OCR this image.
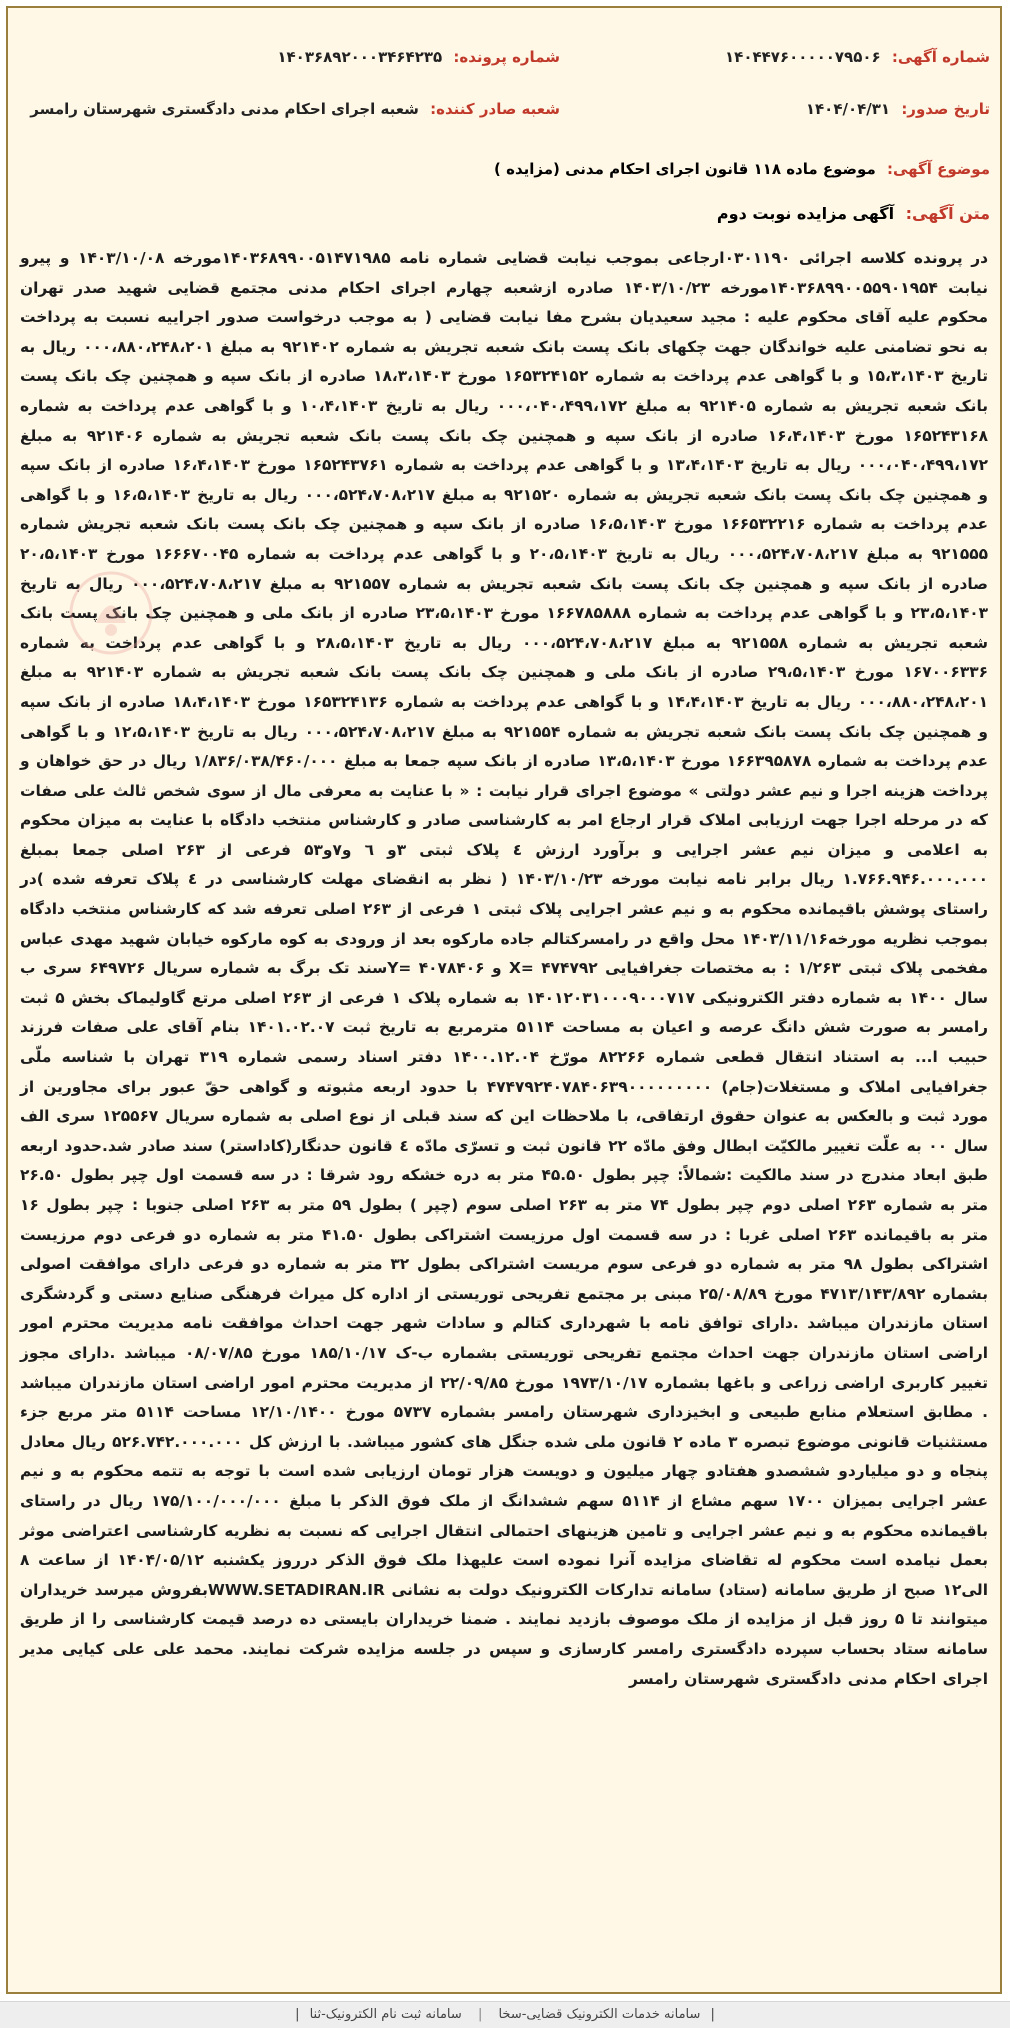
شماره آگهی: ۱۴۰۴۴۷۶۰۰۰۰۰۷۹۵۰۶
شماره پرونده: ۱۴۰۳۶۸۹۲۰۰۰۳۴۶۴۲۳۵
تاریخ صدور: ۱۴۰۴/۰۴/۳۱
شعبه صادر کننده: شعبه اجرای احکام مدنی دادگستری شهرستان رامسر
موضوع آگهی: موضوع ماده ۱۱۸ قانون اجرای احکام مدنی (مزایده )
متن آگهی: آگهی مزایده نوبت دوم
در پرونده کلاسه اجرائی ۰۳۰۱۱۹۰ارجاعی بموجب نیابت قضایی شماره نامه ۱۴۰۳۶۸۹۹۰۰۵۱۴۷۱۹۸۵مورخه ۱۴۰۳/۱۰/۰۸ و پیرو نیابت ۱۴۰۳۶۸۹۹۰۰۵۵۹۰۱۹۵۴مورخه ۱۴۰۳/۱۰/۲۳ صادره ازشعبه چهارم اجرای احکام مدنی مجتمع قضایی شهید صدر تهران محکوم علیه آقای محکوم علیه : مجید سعیدیان بشرح مفا نیابت قضایی ( به موجب درخواست صدور اجراییه نسبت به پرداخت به نحو تضامنی علیه خواندگان جهت چکهای بانک پست بانک شعبه تجریش به شماره ۹۲۱۴۰۲ به مبلغ ۰۰۰،۸۸۰،۲۴۸،۲۰۱ ریال به تاریخ ۱۵،۳،۱۴۰۳ و با گواهی عدم پرداخت به شماره ۱۶۵۳۲۴۱۵۲ مورخ ۱۸،۳،۱۴۰۳ صادره از بانک سپه و همچنین چک بانک پست بانک شعبه تجریش به شماره ۹۲۱۴۰۵ به مبلغ ۰۰۰،۰۴۰،۴۹۹،۱۷۲ ریال به تاریخ ۱۰،۴،۱۴۰۳ و با گواهی عدم پرداخت به شماره ۱۶۵۲۴۳۱۶۸ مورخ ۱۶،۴،۱۴۰۳ صادره از بانک سپه و همچنین چک بانک پست بانک شعبه تجریش به شماره ۹۲۱۴۰۶ به مبلغ ۰۰۰،۰۴۰،۴۹۹،۱۷۲ ریال به تاریخ ۱۳،۴،۱۴۰۳ و با گواهی عدم پرداخت به شماره ۱۶۵۲۴۳۷۶۱ مورخ ۱۶،۴،۱۴۰۳ صادره از بانک سپه و همچنین چک بانک پست بانک شعبه تجریش به شماره ۹۲۱۵۲۰ به مبلغ ۰۰۰،۵۲۴،۷۰۸،۲۱۷ ریال به تاریخ ۱۶،۵،۱۴۰۳ و با گواهی عدم پرداخت به شماره ۱۶۶۵۳۲۲۱۶ مورخ ۱۶،۵،۱۴۰۳ صادره از بانک سپه و همچنین چک بانک پست بانک شعبه تجریش شماره ۹۲۱۵۵۵ به مبلغ ۰۰۰،۵۲۴،۷۰۸،۲۱۷ ریال به تاریخ ۲۰،۵،۱۴۰۳ و با گواهی عدم پرداخت به شماره ۱۶۶۶۷۰۰۴۵ مورخ ۲۰،۵،۱۴۰۳ صادره از بانک سپه و همچنین چک بانک پست بانک شعبه تجریش به شماره ۹۲۱۵۵۷ به مبلغ ۰۰۰،۵۲۴،۷۰۸،۲۱۷ ریال به تاریخ ۲۳،۵،۱۴۰۳ و با گواهی عدم پرداخت به شماره ۱۶۶۷۸۵۸۸۸ مورخ ۲۳،۵،۱۴۰۳ صادره از بانک ملی و همچنین چک بانک پست بانک شعبه تجریش به شماره ۹۲۱۵۵۸ به مبلغ ۰۰۰،۵۲۴،۷۰۸،۲۱۷ ریال به تاریخ ۲۸،۵،۱۴۰۳ و با گواهی عدم پرداخت به شماره ۱۶۷۰۰۶۳۳۶ مورخ ۲۹،۵،۱۴۰۳ صادره از بانک ملی و همچنین چک بانک پست بانک شعبه تجریش به شماره ۹۲۱۴۰۳ به مبلغ ۰۰۰،۸۸۰،۲۴۸،۲۰۱ ریال به تاریخ ۱۴،۴،۱۴۰۳ و با گواهی عدم پرداخت به شماره ۱۶۵۳۲۴۱۳۶ مورخ ۱۸،۴،۱۴۰۳ صادره از بانک سپه و همچنین چک بانک پست بانک شعبه تجریش به شماره ۹۲۱۵۵۴ به مبلغ ۰۰۰،۵۲۴،۷۰۸،۲۱۷ ریال به تاریخ ۱۲،۵،۱۴۰۳ و با گواهی عدم پرداخت به شماره ۱۶۶۳۹۵۸۷۸ مورخ ۱۳،۵،۱۴۰۳ صادره از بانک سپه جمعا به مبلغ ۱/۸۳۶/۰۳۸/۴۶۰/۰۰۰ ریال در حق خواهان و پرداخت هزینه اجرا و نیم عشر دولتی » موضوع اجرای قرار نیابت : « با عنایت به معرفی مال از سوی شخص ثالث علی صفات که در مرحله اجرا جهت ارزیابی املاک قرار ارجاع امر به کارشناسی صادر و کارشناس منتخب دادگاه با عنایت به میزان محکوم به اعلامی و میزان نیم عشر اجرایی و برآورد ارزش ٤ پلاک ثبتی ۳و ٦ و۷و۵۳ فرعی از ۲۶۳ اصلی جمعا بمبلغ ۱.۷۶۶.۹۴۶.۰۰۰.۰۰۰ ریال برابر نامه نیابت مورخه ۱۴۰۳/۱۰/۲۳ ( نظر به انقضای مهلت کارشناسی در ٤ پلاک تعرفه شده )در راستای پوشش باقیمانده محکوم به و نیم عشر اجرایی پلاک ثبتی ۱ فرعی از ۲۶۳ اصلی تعرفه شد که کارشناس منتخب دادگاه بموجب نظریه مورخه۱۴۰۳/۱۱/۱۶ محل واقع در رامسرکتالم جاده مارکوه بعد از ورودی به کوه مارکوه خیابان شهید مهدی عباس مفخمی پلاک ثبتی ۱/۲۶۳ : به مختصات جغرافیایی X= ۴۷۴۷۹۲ و Y= ۴۰۷۸۴۰۶سند تک برگ به شماره سریال ۶۴۹۷۲۶ سری ب سال ۱۴۰۰ به شماره دفتر الکترونیکی ۱۴۰۱۲۰۳۱۰۰۰۹۰۰۰۷۱۷ به شماره پلاک ۱ فرعی از ۲۶۳ اصلی مرتع گاولیماک بخش ۵ ثبت رامسر به صورت شش دانگ عرصه و اعیان به مساحت ۵۱۱۴ مترمربع به تاریخ ثبت ۱۴۰۱.۰۲.۰۷ بنام آقای علی صفات فرزند حبیب ا... به استناد انتقال قطعی شماره ۸۲۲۶۶ مورّخ ۱۴۰۰.۱۲.۰۴ دفتر اسناد رسمی شماره ۳۱۹ تهران با شناسه ملّی جغرافیایی املاک و مستغلات(جام) ۴۷۴۷۹۲۴۰۷۸۴۰۶۳۹۰۰۰۰۰۰۰۰۰ با حدود اربعه مثبوته و گواهی حقّ عبور برای مجاورین از مورد ثبت و بالعکس به عنوان حقوق ارتفاقی، با ملاحظات این که سند قبلی از نوع اصلی به شماره سریال ۱۲۵۵۶۷ سری الف سال ۰۰ به علّت تغییر مالکیّت ابطال وفق مادّه ۲۲ قانون ثبت و تسرّی مادّه ٤ قانون حدنگار(کاداستر) سند صادر شد.حدود اربعه طبق ابعاد مندرج در سند مالکیت :شمالاً: چپر بطول ۴۵.۵۰ متر به دره خشکه رود شرقا : در سه قسمت اول چپر بطول ۲۶.۵۰ متر به شماره ۲۶۳ اصلی دوم چپر بطول ۷۴ متر به ۲۶۳ اصلی سوم (چپر ) بطول ۵۹ متر به ۲۶۳ اصلی جنوبا : چپر بطول ۱۶ متر به باقیمانده ۲۶۳ اصلی غربا : در سه قسمت اول مرزیست اشتراکی بطول ۴۱.۵۰ متر به شماره دو فرعی دوم مرزیست اشتراکی بطول ۹۸ متر به شماره دو فرعی سوم مریست اشتراکی بطول ۳۲ متر به شماره دو فرعی دارای موافقت اصولی بشماره ۴۷۱۳/۱۴۳/۸۹۲ مورخ ۲۵/۰۸/۸۹ مبنی بر مجتمع تفریحی توریستی از اداره کل میراث فرهنگی صنایع دستی و گردشگری استان مازندران میباشد .دارای توافق نامه با شهرداری کتالم و سادات شهر جهت احداث موافقت نامه مدیریت محترم امور اراضی استان مازندران جهت احداث مجتمع تفریحی توریستی بشماره ب-ک ۱۸۵/۱۰/۱۷ مورخ ۰۸/۰۷/۸۵ میباشد .دارای مجوز تغییر کاربری اراضی زراعی و باغها بشماره ۱۹۷۳/۱۰/۱۷ مورخ ۲۲/۰۹/۸۵ از مدیریت محترم امور اراضی استان مازندران میباشد . مطابق استعلام منابع طبیعی و ابخیزداری شهرستان رامسر بشماره ۵۷۳۷ مورخ ۱۲/۱۰/۱۴۰۰ مساحت ۵۱۱۴ متر مربع جزء مستثنیات قانونی موضوع تبصره ۳ ماده ۲ قانون ملی شده جنگل های کشور میباشد. با ارزش کل ۵۲۶.۷۴۲.۰۰۰.۰۰۰ ریال معادل پنجاه و دو میلیاردو ششصدو هفتادو چهار میلیون و دویست هزار تومان ارزیابی شده است با توجه به تتمه محکوم به و نیم عشر اجرایی بمیزان ۱۷۰۰ سهم مشاع از ۵۱۱۴ سهم ششدانگ از ملک فوق الذکر با مبلغ ۱۷۵/۱۰۰/۰۰۰/۰۰۰ ریال در راستای باقیمانده محکوم به و نیم عشر اجرایی و تامین هزینهای احتمالی انتقال اجرایی که نسبت به نظریه کارشناسی اعتراضی موثر بعمل نیامده است محکوم له تقاضای مزایده آنرا نموده است علیهذا ملک فوق الذکر درروز یکشنبه ۱۴۰۴/۰۵/۱۲ از ساعت ۸ الی۱۲ صبح از طریق سامانه (ستاد) سامانه تدارکات الکترونیک دولت به نشانی WWW.SETADIRAN.IRبفروش میرسد خریداران میتوانند تا ۵ روز قبل از مزایده از ملک موصوف بازدید نمایند . ضمنا خریداران بایستی ده درصد قیمت کارشناسی را از طریق سامانه ستاد بحساب سپرده دادگستری رامسر کارسازی و سپس در جلسه مزایده شرکت نمایند. محمد علی علی کیایی مدیر اجرای احکام مدنی دادگستری شهرستان رامسر
| سامانه خدمات الکترونیک قضایی-سخا | سامانه ثبت نام الکترونیک-ثنا |
